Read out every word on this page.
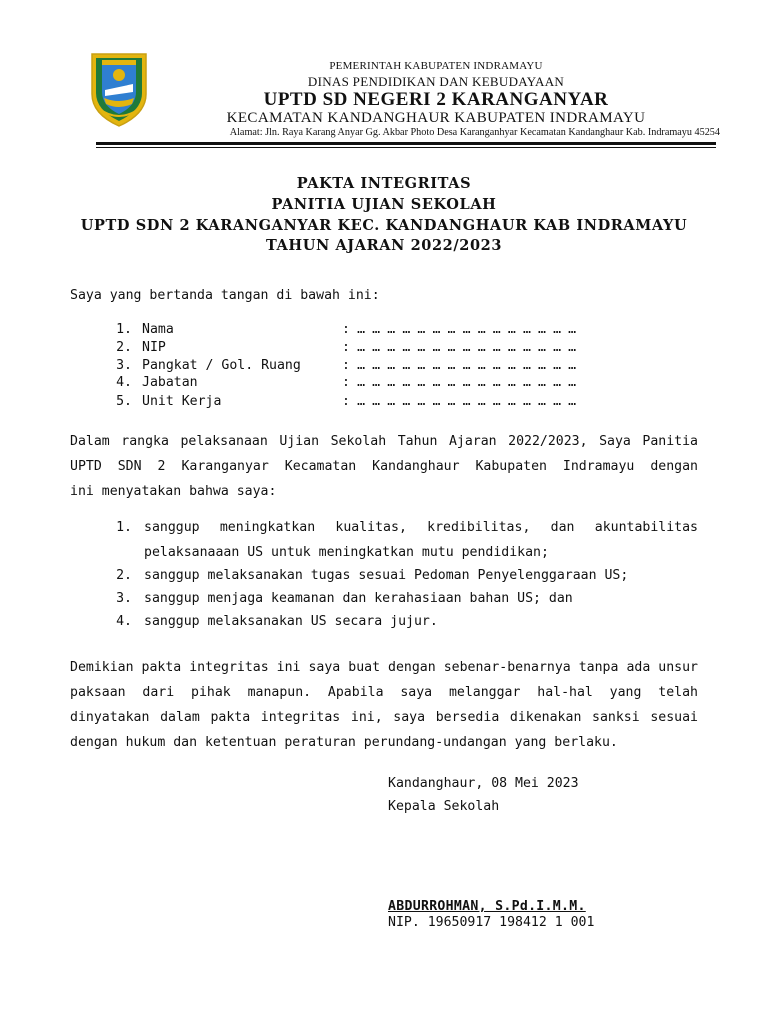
PEMERINTAH KABUPATEN INDRAMAYU
DINAS PENDIDIKAN DAN KEBUDAYAAN
UPTD SD NEGERI 2 KARANGANYAR
KECAMATAN KANDANGHAUR KABUPATEN INDRAMAYU
Alamat: Jln. Raya Karang Anyar Gg. Akbar Photo Desa Karanganhyar Kecamatan Kandanghaur Kab. Indramayu 45254
PAKTA INTEGRITAS
PANITIA UJIAN SEKOLAH
UPTD SDN 2 KARANGANYAR KEC. KANDANGHAUR KAB INDRAMAYU
TAHUN AJARAN 2022/2023
Saya yang bertanda tangan di bawah ini:
1. Nama	: … … … … … … … … … … … … … … …
2. NIP	: … … … … … … … … … … … … … … …
3. Pangkat / Gol. Ruang	: … … … … … … … … … … … … … … …
4. Jabatan	: … … … … … … … … … … … … … … …
5. Unit Kerja	: … … … … … … … … … … … … … … …
Dalam rangka pelaksanaan Ujian Sekolah Tahun Ajaran 2022/2023, Saya Panitia
UPTD SDN 2 Karanganyar Kecamatan Kandanghaur Kabupaten Indramayu dengan
ini menyatakan bahwa saya:
1. sanggup meningkatkan kualitas, kredibilitas, dan akuntabilitas
pelaksanaaan US untuk meningkatkan mutu pendidikan;
2. sanggup melaksanakan tugas sesuai Pedoman Penyelenggaraan US;
3. sanggup menjaga keamanan dan kerahasiaan bahan US; dan
4. sanggup melaksanakan US secara jujur.
Demikian pakta integritas ini saya buat dengan sebenar-benarnya tanpa ada unsur
paksaan dari pihak manapun. Apabila saya melanggar hal-hal yang telah
dinyatakan dalam pakta integritas ini, saya bersedia dikenakan sanksi sesuai
dengan hukum dan ketentuan peraturan perundang-undangan yang berlaku.
Kandanghaur, 08 Mei 2023
Kepala Sekolah
ABDURROHMAN, S.Pd.I.M.M.
NIP. 19650917 198412 1 001
